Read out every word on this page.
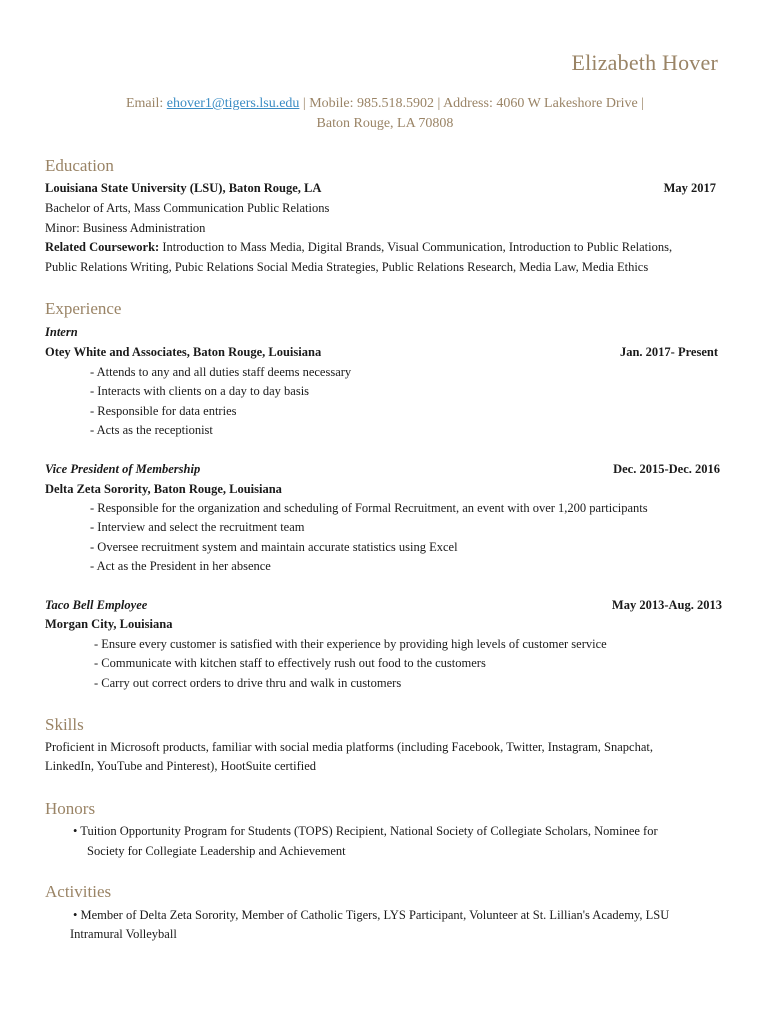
Elizabeth Hover
Email: ehover1@tigers.lsu.edu | Mobile: 985.518.5902 | Address: 4060 W Lakeshore Drive |
Baton Rouge, LA 70808
Education
Louisiana State University (LSU), Baton Rouge, LA	May 2017
Bachelor of Arts, Mass Communication Public Relations
Minor: Business Administration
Related Coursework: Introduction to Mass Media, Digital Brands, Visual Communication, Introduction to Public Relations,
Public Relations Writing, Pubic Relations Social Media Strategies, Public Relations Research, Media Law, Media Ethics
Experience
Intern
Otey White and Associates, Baton Rouge, Louisiana	Jan. 2017- Present
- Attends to any and all duties staff deems necessary
- Interacts with clients on a day to day basis
- Responsible for data entries
- Acts as the receptionist
Vice President of Membership	Dec. 2015-Dec. 2016
Delta Zeta Sorority, Baton Rouge, Louisiana
- Responsible for the organization and scheduling of Formal Recruitment, an event with over 1,200 participants
- Interview and select the recruitment team
- Oversee recruitment system and maintain accurate statistics using Excel
- Act as the President in her absence
Taco Bell Employee	May 2013-Aug. 2013
Morgan City, Louisiana
- Ensure every customer is satisfied with their experience by providing high levels of customer service
- Communicate with kitchen staff to effectively rush out food to the customers
- Carry out correct orders to drive thru and walk in customers
Skills
Proficient in Microsoft products, familiar with social media platforms (including Facebook, Twitter, Instagram, Snapchat,
LinkedIn, YouTube and Pinterest), HootSuite certified
Honors
• Tuition Opportunity Program for Students (TOPS) Recipient, National Society of Collegiate Scholars, Nominee for
Society for Collegiate Leadership and Achievement
Activities
• Member of Delta Zeta Sorority, Member of Catholic Tigers, LYS Participant, Volunteer at St. Lillian's Academy, LSU
Intramural Volleyball
